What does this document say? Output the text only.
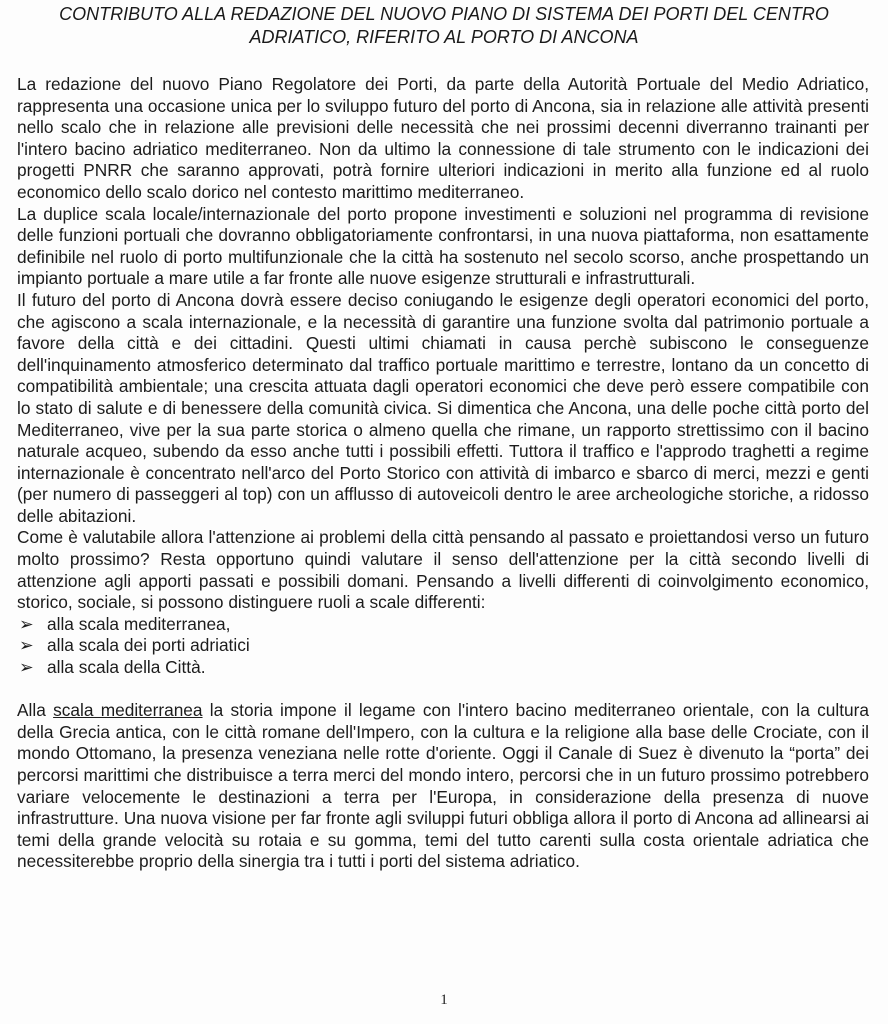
CONTRIBUTO ALLA REDAZIONE DEL NUOVO PIANO DI SISTEMA DEI PORTI DEL CENTRO ADRIATICO, RIFERITO AL PORTO DI ANCONA

La redazione del nuovo Piano Regolatore dei Porti, da parte della Autorità Portuale del Medio Adriatico, rappresenta una occasione unica per lo sviluppo futuro del porto di Ancona, sia in relazione alle attività presenti nello scalo che in relazione alle previsioni delle necessità che nei prossimi decenni diverranno trainanti per l'intero bacino adriatico mediterraneo. Non da ultimo la connessione di tale strumento con le indicazioni dei progetti PNRR che saranno approvati, potrà fornire ulteriori indicazioni in merito alla funzione ed al ruolo economico dello scalo dorico nel contesto marittimo mediterraneo.

La duplice scala locale/internazionale del porto propone investimenti e soluzioni nel programma di revisione delle funzioni portuali che dovranno obbligatoriamente confrontarsi, in una nuova piattaforma, non esattamente definibile nel ruolo di porto multifunzionale che la città ha sostenuto nel secolo scorso, anche prospettando un impianto portuale a mare utile a far fronte alle nuove esigenze strutturali e infrastrutturali.

Il futuro del porto di Ancona dovrà essere deciso coniugando le esigenze degli operatori economici del porto, che agiscono a scala internazionale, e la necessità di garantire una funzione svolta dal patrimonio portuale a favore della città e dei cittadini. Questi ultimi chiamati in causa perchè subiscono le conseguenze dell'inquinamento atmosferico determinato dal traffico portuale marittimo e terrestre, lontano da un concetto di compatibilità ambientale; una crescita attuata dagli operatori economici che deve però essere compatibile con lo stato di salute e di benessere della comunità civica. Si dimentica che Ancona, una delle poche città porto del Mediterraneo, vive per la sua parte storica o almeno quella che rimane, un rapporto strettissimo con il bacino naturale acqueo, subendo da esso anche tutti i possibili effetti. Tuttora il traffico e l'approdo traghetti a regime internazionale è concentrato nell'arco del Porto Storico con attività di imbarco e sbarco di merci, mezzi e genti (per numero di passeggeri al top) con un afflusso di autoveicoli dentro le aree archeologiche storiche, a ridosso delle abitazioni.

Come è valutabile allora l'attenzione ai problemi della città pensando al passato e proiettandosi verso un futuro molto prossimo? Resta opportuno quindi valutare il senso dell'attenzione per la città secondo livelli di attenzione agli apporti passati e possibili domani. Pensando a livelli differenti di coinvolgimento economico, storico, sociale, si possono distinguere ruoli a scale differenti:

➢ alla scala mediterranea,
➢ alla scala dei porti adriatici
➢ alla scala della Città.

Alla scala mediterranea la storia impone il legame con l'intero bacino mediterraneo orientale, con la cultura della Grecia antica, con le città romane dell'Impero, con la cultura e la religione alla base delle Crociate, con il mondo Ottomano, la presenza veneziana nelle rotte d'oriente. Oggi il Canale di Suez è divenuto la “porta” dei percorsi marittimi che distribuisce a terra merci del mondo intero, percorsi che in un futuro prossimo potrebbero variare velocemente le destinazioni a terra per l'Europa, in considerazione della presenza di nuove infrastrutture. Una nuova visione per far fronte agli sviluppi futuri obbliga allora il porto di Ancona ad allinearsi ai temi della grande velocità su rotaia e su gomma, temi del tutto carenti sulla costa orientale adriatica che necessiterebbe proprio della sinergia tra i tutti i porti del sistema adriatico.

1
